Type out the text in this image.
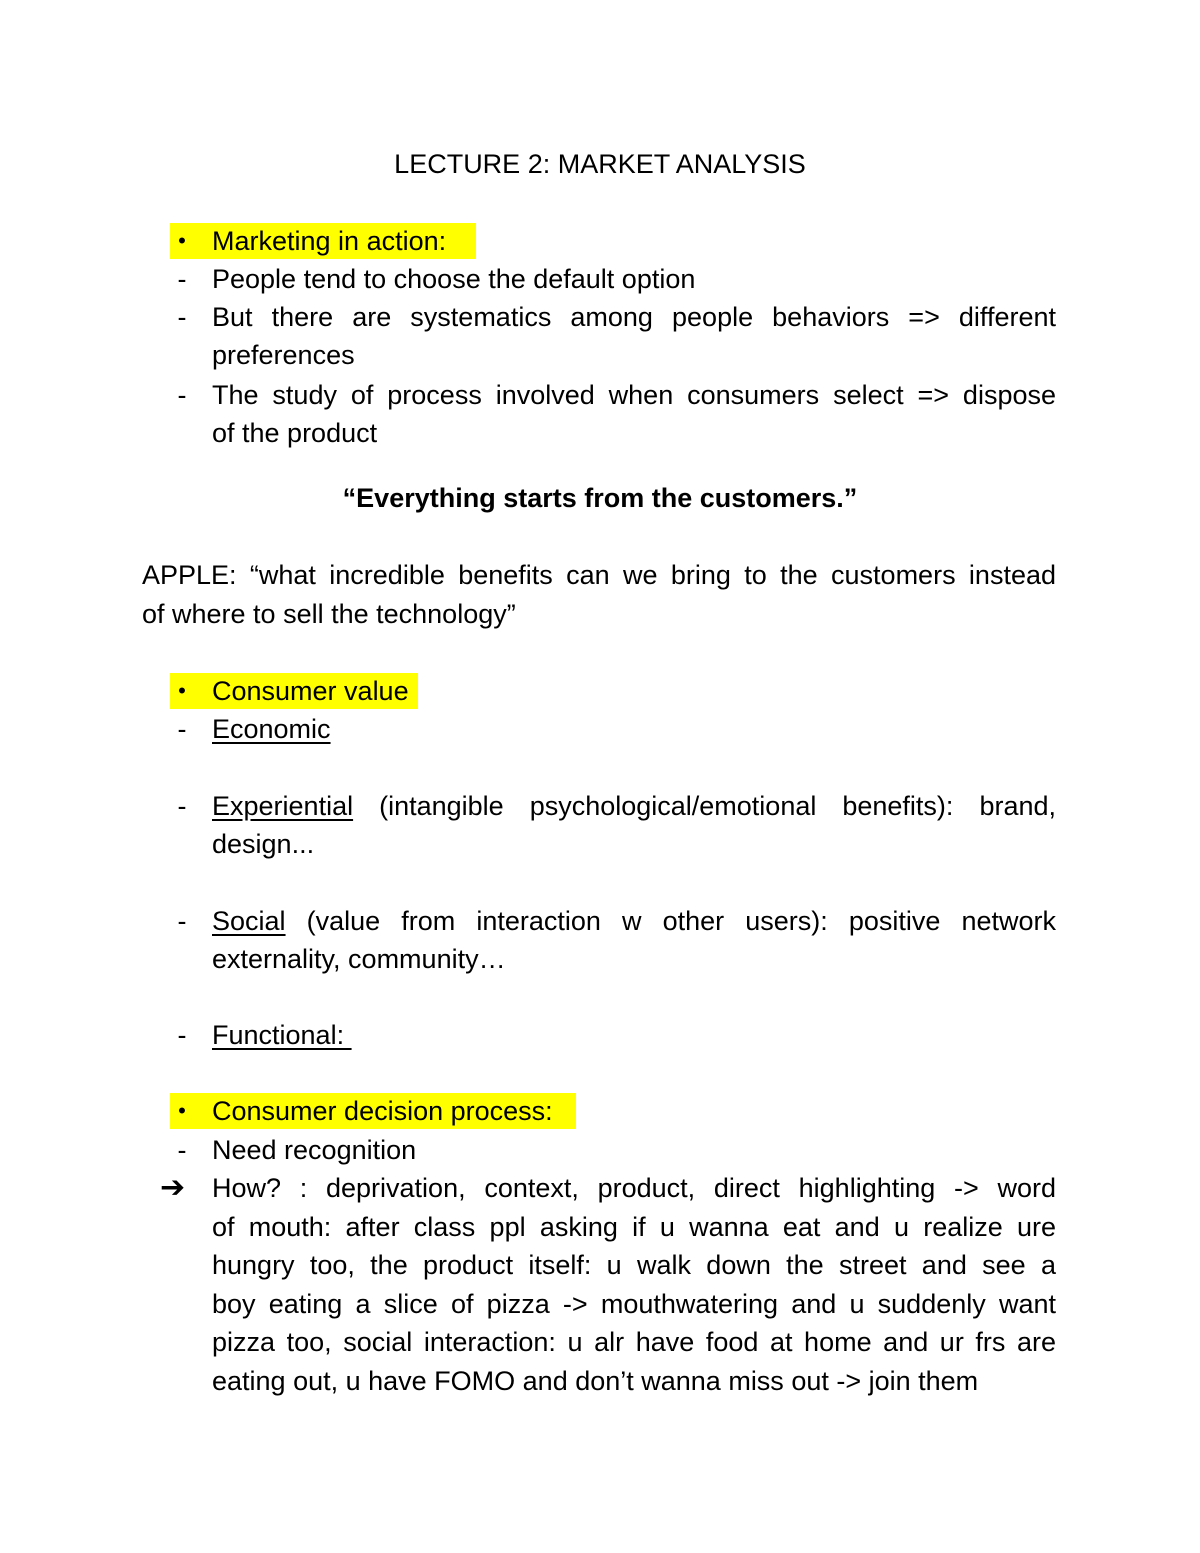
LECTURE 2: MARKET ANALYSIS
• Marketing in action:
- People tend to choose the default option
- But there are systematics among people behaviors => different
preferences
- The study of process involved when consumers select => dispose
of the product
“Everything starts from the customers.”
APPLE: “what incredible benefits can we bring to the customers instead
of where to sell the technology”
• Consumer value
- Economic
- Experiential (intangible psychological/emotional benefits): brand,
design...
- Social (value from interaction w other users): positive network
externality, community…
- Functional:
• Consumer decision process:
- Need recognition
➔ How? : deprivation, context, product, direct highlighting -> word
of mouth: after class ppl asking if u wanna eat and u realize ure
hungry too, the product itself: u walk down the street and see a
boy eating a slice of pizza -> mouthwatering and u suddenly want
pizza too, social interaction: u alr have food at home and ur frs are
eating out, u have FOMO and don’t wanna miss out -> join them
